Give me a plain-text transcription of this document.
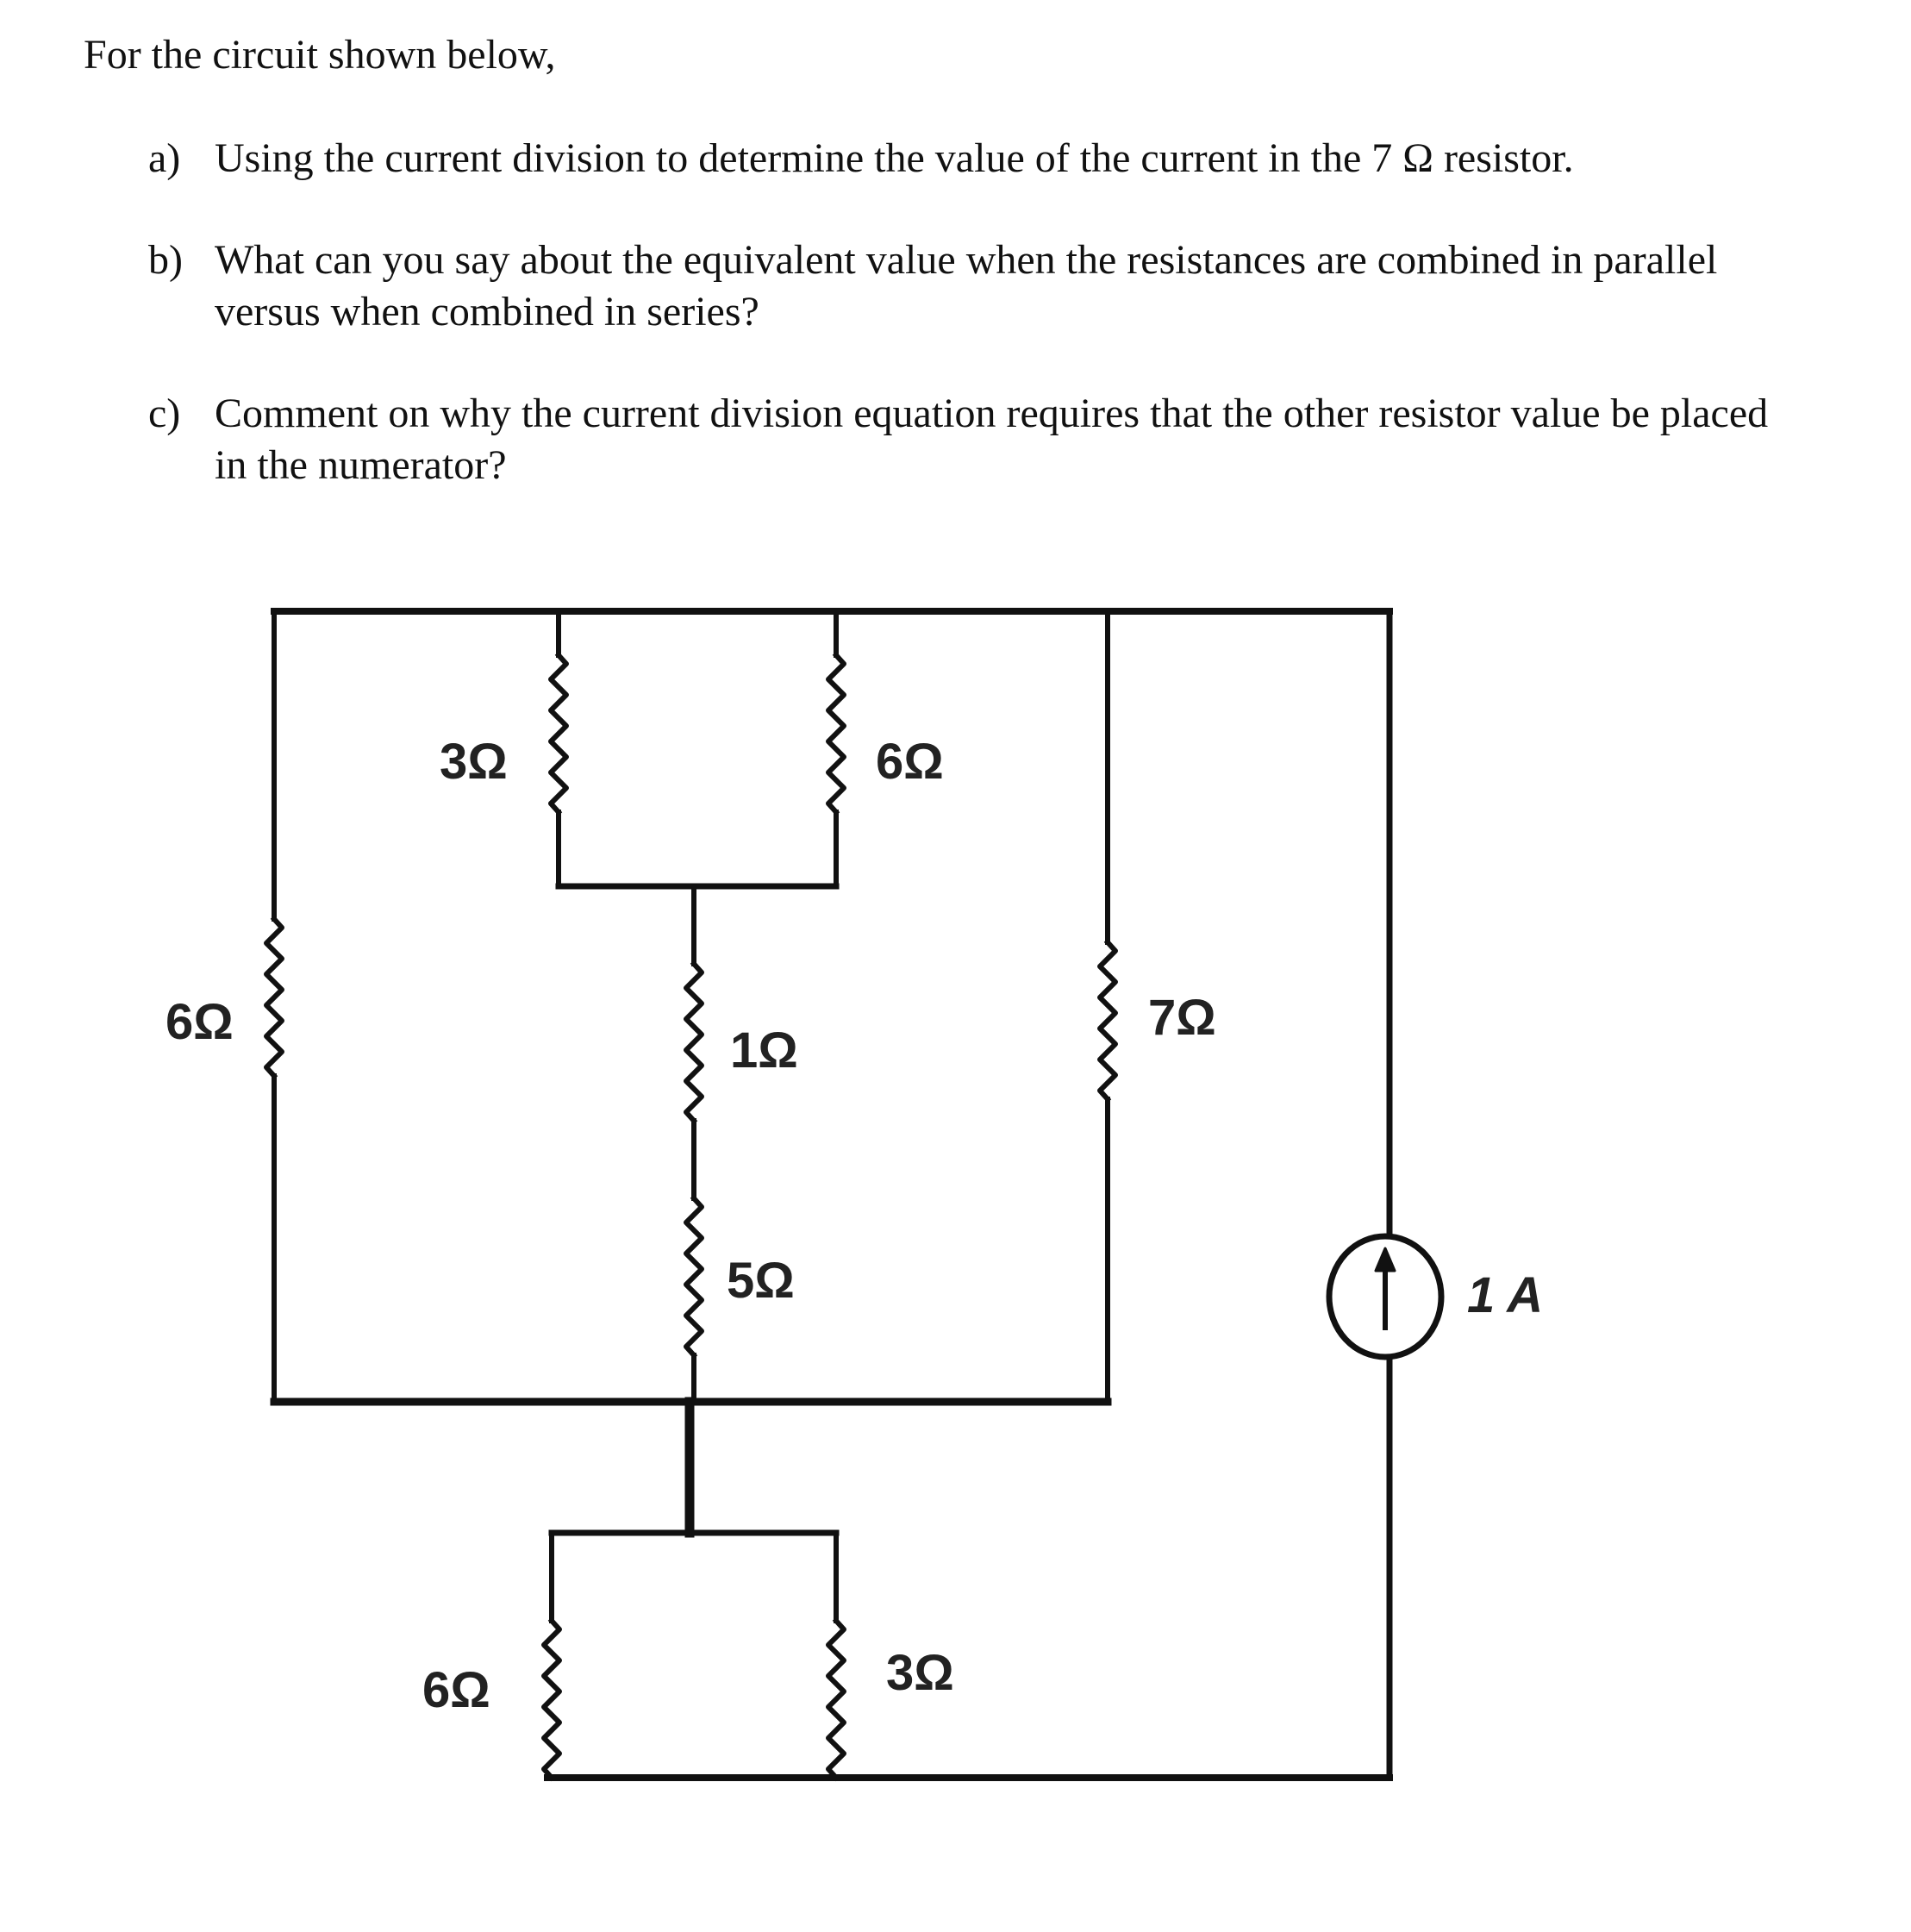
For the circuit shown below,

a) Using the current division to determine the value of the current in the 7 Ω resistor.
b) What can you say about the equivalent value when the resistances are combined in parallel versus when combined in series?
c) Comment on why the current division equation requires that the other resistor value be placed in the numerator?
6Ω
3Ω	6Ω
1Ω
5Ω
7Ω
6Ω	3Ω
1 A
